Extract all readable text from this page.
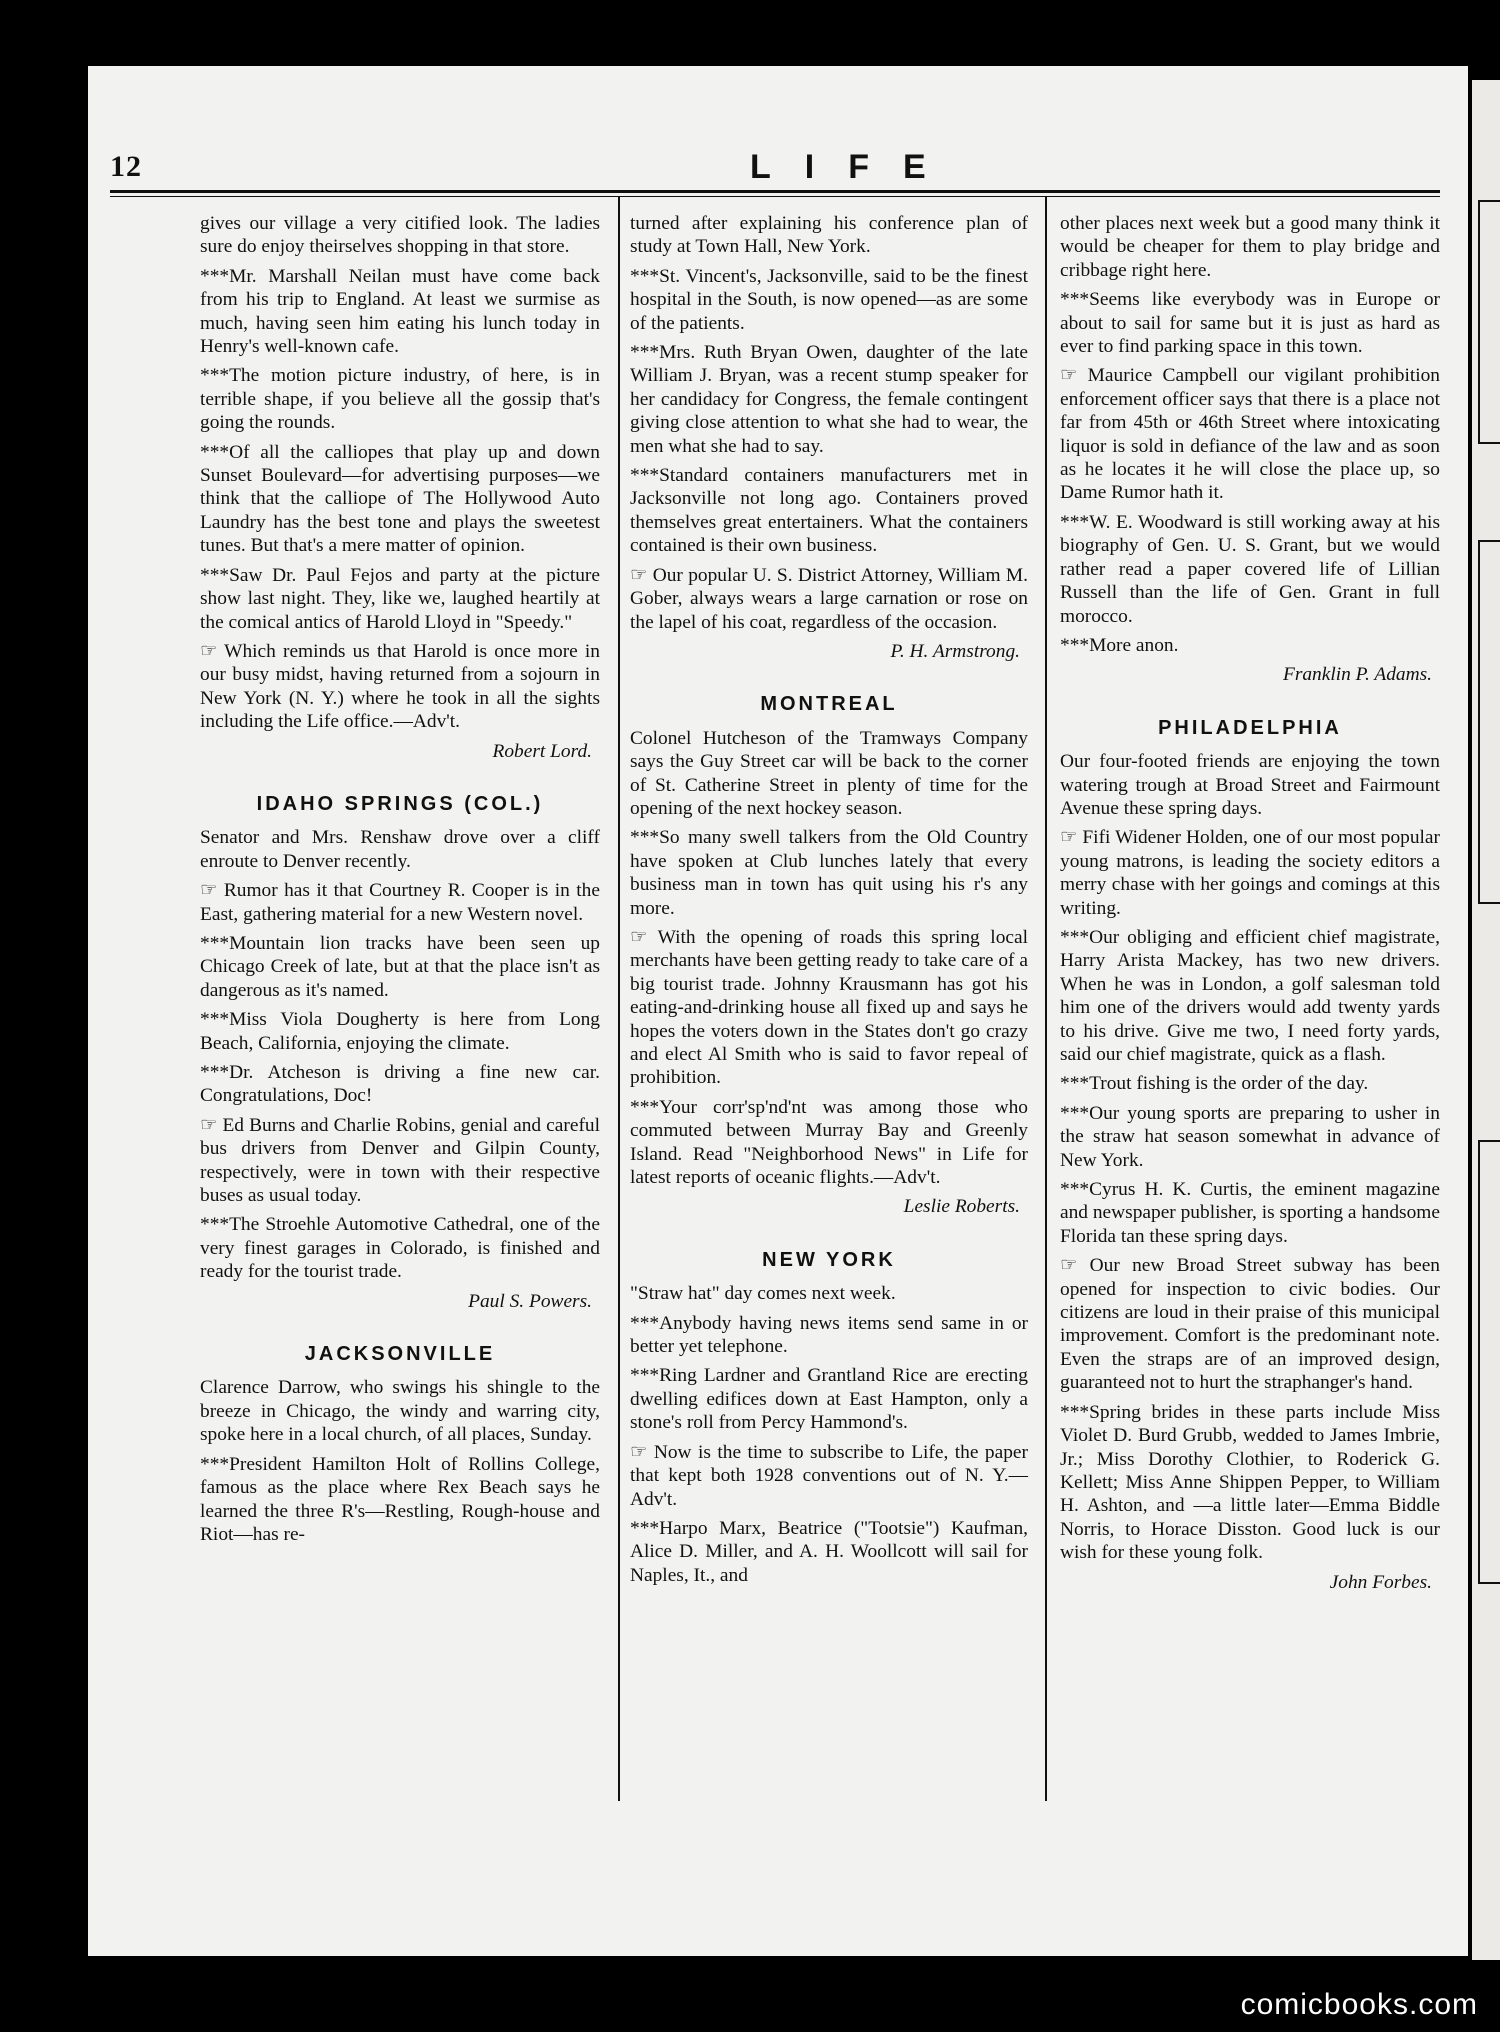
12	LIFE

gives our village a very citified look. The ladies sure do enjoy theirselves shopping in that store.

***Mr. Marshall Neilan must have come back from his trip to England. At least we surmise as much, having seen him eating his lunch today in Henry's well-known cafe.

***The motion picture industry, of here, is in terrible shape, if you believe all the gossip that's going the rounds.

***Of all the calliopes that play up and down Sunset Boulevard—for advertising purposes—we think that the calliope of The Hollywood Auto Laundry has the best tone and plays the sweetest tunes. But that's a mere matter of opinion.

***Saw Dr. Paul Fejos and party at the picture show last night. They, like we, laughed heartily at the comical antics of Harold Lloyd in "Speedy."

☞ Which reminds us that Harold is once more in our busy midst, having returned from a sojourn in New York (N. Y.) where he took in all the sights including the Life office.—Adv't.

Robert Lord.

IDAHO SPRINGS (COL.)

Senator and Mrs. Renshaw drove over a cliff enroute to Denver recently.

☞ Rumor has it that Courtney R. Cooper is in the East, gathering material for a new Western novel.

***Mountain lion tracks have been seen up Chicago Creek of late, but at that the place isn't as dangerous as it's named.

***Miss Viola Dougherty is here from Long Beach, California, enjoying the climate.

***Dr. Atcheson is driving a fine new car. Congratulations, Doc!

☞ Ed Burns and Charlie Robins, genial and careful bus drivers from Denver and Gilpin County, respectively, were in town with their respective buses as usual today.

***The Stroehle Automotive Cathedral, one of the very finest garages in Colorado, is finished and ready for the tourist trade.

Paul S. Powers.

JACKSONVILLE

Clarence Darrow, who swings his shingle to the breeze in Chicago, the windy and warring city, spoke here in a local church, of all places, Sunday.

***President Hamilton Holt of Rollins College, famous as the place where Rex Beach says he learned the three R's—Restling, Rough-house and Riot—has re-

turned after explaining his conference plan of study at Town Hall, New York.

***St. Vincent's, Jacksonville, said to be the finest hospital in the South, is now opened—as are some of the patients.

***Mrs. Ruth Bryan Owen, daughter of the late William J. Bryan, was a recent stump speaker for her candidacy for Congress, the female contingent giving close attention to what she had to wear, the men what she had to say.

***Standard containers manufacturers met in Jacksonville not long ago. Containers proved themselves great entertainers. What the containers contained is their own business.

☞ Our popular U. S. District Attorney, William M. Gober, always wears a large carnation or rose on the lapel of his coat, regardless of the occasion.

P. H. Armstrong.

MONTREAL

Colonel Hutcheson of the Tramways Company says the Guy Street car will be back to the corner of St. Catherine Street in plenty of time for the opening of the next hockey season.

***So many swell talkers from the Old Country have spoken at Club lunches lately that every business man in town has quit using his r's any more.

☞ With the opening of roads this spring local merchants have been getting ready to take care of a big tourist trade. Johnny Krausmann has got his eating-and-drinking house all fixed up and says he hopes the voters down in the States don't go crazy and elect Al Smith who is said to favor repeal of prohibition.

***Your corr'sp'nd'nt was among those who commuted between Murray Bay and Greenly Island. Read "Neighborhood News" in Life for latest reports of oceanic flights.—Adv't.

Leslie Roberts.

NEW YORK

"Straw hat" day comes next week.

***Anybody having news items send same in or better yet telephone.

***Ring Lardner and Grantland Rice are erecting dwelling edifices down at East Hampton, only a stone's roll from Percy Hammond's.

☞ Now is the time to subscribe to Life, the paper that kept both 1928 conventions out of N. Y.—Adv't.

***Harpo Marx, Beatrice ("Tootsie") Kaufman, Alice D. Miller, and A. H. Woollcott will sail for Naples, It., and

other places next week but a good many think it would be cheaper for them to play bridge and cribbage right here.

***Seems like everybody was in Europe or about to sail for same but it is just as hard as ever to find parking space in this town.

☞ Maurice Campbell our vigilant prohibition enforcement officer says that there is a place not far from 45th or 46th Street where intoxicating liquor is sold in defiance of the law and as soon as he locates it he will close the place up, so Dame Rumor hath it.

***W. E. Woodward is still working away at his biography of Gen. U. S. Grant, but we would rather read a paper covered life of Lillian Russell than the life of Gen. Grant in full morocco.

***More anon.

Franklin P. Adams.

PHILADELPHIA

Our four-footed friends are enjoying the town watering trough at Broad Street and Fairmount Avenue these spring days.

☞ Fifi Widener Holden, one of our most popular young matrons, is leading the society editors a merry chase with her goings and comings at this writing.

***Our obliging and efficient chief magistrate, Harry Arista Mackey, has two new drivers. When he was in London, a golf salesman told him one of the drivers would add twenty yards to his drive. Give me two, I need forty yards, said our chief magistrate, quick as a flash.

***Trout fishing is the order of the day.

***Our young sports are preparing to usher in the straw hat season somewhat in advance of New York.

***Cyrus H. K. Curtis, the eminent magazine and newspaper publisher, is sporting a handsome Florida tan these spring days.

☞ Our new Broad Street subway has been opened for inspection to civic bodies. Our citizens are loud in their praise of this municipal improvement. Comfort is the predominant note. Even the straps are of an improved design, guaranteed not to hurt the straphanger's hand.

***Spring brides in these parts include Miss Violet D. Burd Grubb, wedded to James Imbrie, Jr.; Miss Dorothy Clothier, to Roderick G. Kellett; Miss Anne Shippen Pepper, to William H. Ashton, and —a little later—Emma Biddle Norris, to Horace Disston. Good luck is our wish for these young folk.

John Forbes.

comicbooks.com
